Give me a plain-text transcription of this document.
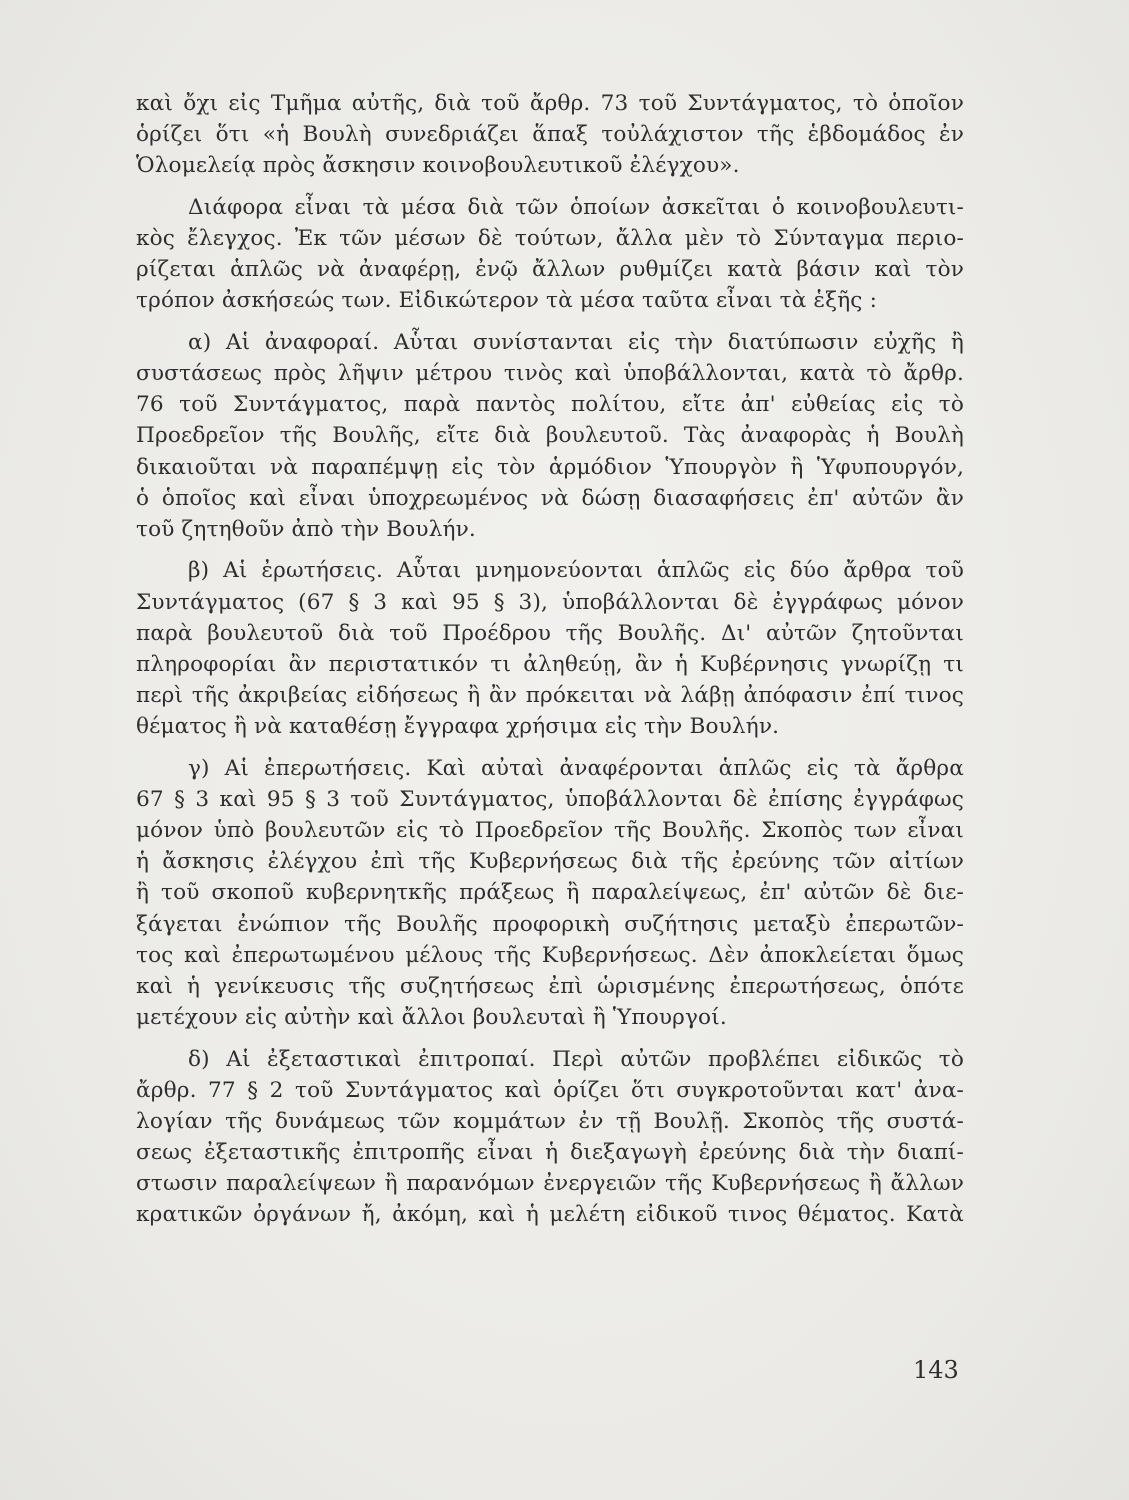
καὶ ὄχι εἰς Τμῆμα αὐτῆς, διὰ τοῦ ἄρθρ. 73 τοῦ Συντάγματος, τὸ ὁποῖον
ὁρίζει ὅτι «ἡ Βουλὴ συνεδριάζει ἅπαξ τοὐλάχιστον τῆς ἑβδομάδος ἐν
Ὁλομελείᾳ πρὸς ἄσκησιν κοινοβουλευτικοῦ ἐλέγχου».
Διάφορα εἶναι τὰ μέσα διὰ τῶν ὁποίων ἀσκεῖται ὁ κοινοβουλευτι-
κὸς ἔλεγχος. Ἐκ τῶν μέσων δὲ τούτων, ἄλλα μὲν τὸ Σύνταγμα περιο-
ρίζεται ἁπλῶς νὰ ἀναφέρῃ, ἐνῷ ἄλλων ρυθμίζει κατὰ βάσιν καὶ τὸν
τρόπον ἀσκήσεώς των. Εἰδικώτερον τὰ μέσα ταῦτα εἶναι τὰ ἑξῆς :
α) Αἱ ἀναφοραί. Αὗται συνίστανται εἰς τὴν διατύπωσιν εὐχῆς ἢ
συστάσεως πρὸς λῆψιν μέτρου τινὸς καὶ ὑποβάλλονται, κατὰ τὸ ἄρθρ.
76 τοῦ Συντάγματος, παρὰ παντὸς πολίτου, εἴτε ἀπ' εὐθείας εἰς τὸ
Προεδρεῖον τῆς Βουλῆς, εἴτε διὰ βουλευτοῦ. Τὰς ἀναφορὰς ἡ Βουλὴ
δικαιοῦται νὰ παραπέμψῃ εἰς τὸν ἁρμόδιον Ὑπουργὸν ἢ Ὑφυπουργόν,
ὁ ὁποῖος καὶ εἶναι ὑποχρεωμένος νὰ δώσῃ διασαφήσεις ἐπ' αὐτῶν ἂν
τοῦ ζητηθοῦν ἀπὸ τὴν Βουλήν.
β) Αἱ ἐρωτήσεις. Αὗται μνημονεύονται ἁπλῶς εἰς δύο ἄρθρα τοῦ
Συντάγματος (67 § 3 καὶ 95 § 3), ὑποβάλλονται δὲ ἐγγράφως μόνον
παρὰ βουλευτοῦ διὰ τοῦ Προέδρου τῆς Βουλῆς. Δι' αὐτῶν ζητοῦνται
πληροφορίαι ἂν περιστατικόν τι ἀληθεύῃ, ἂν ἡ Κυβέρνησις γνωρίζῃ τι
περὶ τῆς ἀκριβείας εἰδήσεως ἢ ἂν πρόκειται νὰ λάβῃ ἀπόφασιν ἐπί τινος
θέματος ἢ νὰ καταθέσῃ ἔγγραφα χρήσιμα εἰς τὴν Βουλήν.
γ) Αἱ ἐπερωτήσεις. Καὶ αὐταὶ ἀναφέρονται ἁπλῶς εἰς τὰ ἄρθρα
67 § 3 καὶ 95 § 3 τοῦ Συντάγματος, ὑποβάλλονται δὲ ἐπίσης ἐγγράφως
μόνον ὑπὸ βουλευτῶν εἰς τὸ Προεδρεῖον τῆς Βουλῆς. Σκοπὸς των εἶναι
ἡ ἄσκησις ἐλέγχου ἐπὶ τῆς Κυβερνήσεως διὰ τῆς ἐρεύνης τῶν αἰτίων
ἢ τοῦ σκοποῦ κυβερνητκῆς πράξεως ἢ παραλείψεως, ἐπ' αὐτῶν δὲ διε-
ξάγεται ἐνώπιον τῆς Βουλῆς προφορικὴ συζήτησις μεταξὺ ἐπερωτῶν-
τος καὶ ἐπερωτωμένου μέλους τῆς Κυβερνήσεως. Δὲν ἀποκλείεται ὅμως
καὶ ἡ γενίκευσις τῆς συζητήσεως ἐπὶ ὡρισμένης ἐπερωτήσεως, ὁπότε
μετέχουν εἰς αὐτὴν καὶ ἄλλοι βουλευταὶ ἢ Ὑπουργοί.
δ) Αἱ ἐξεταστικαὶ ἐπιτροπαί. Περὶ αὐτῶν προβλέπει εἰδικῶς τὸ
ἄρθρ. 77 § 2 τοῦ Συντάγματος καὶ ὁρίζει ὅτι συγκροτοῦνται κατ' ἀνα-
λογίαν τῆς δυνάμεως τῶν κομμάτων ἐν τῇ Βουλῇ. Σκοπὸς τῆς συστά-
σεως ἐξεταστικῆς ἐπιτροπῆς εἶναι ἡ διεξαγωγὴ ἐρεύνης διὰ τὴν διαπί-
στωσιν παραλείψεων ἢ παρανόμων ἐνεργειῶν τῆς Κυβερνήσεως ἢ ἄλλων
κρατικῶν ὀργάνων ἤ, ἀκόμη, καὶ ἡ μελέτη εἰδικοῦ τινος θέματος. Κατὰ
143
